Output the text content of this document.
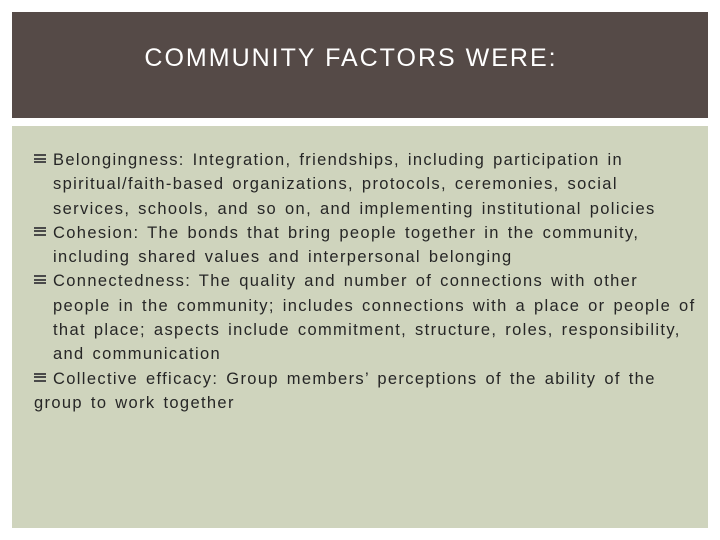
COMMUNITY FACTORS WERE:
Belongingness: Integration, friendships, including participation in spiritual/faith-based organizations, protocols, ceremonies, social services, schools, and so on, and implementing institutional policies
Cohesion: The bonds that bring people together in the community, including shared values and interpersonal belonging
Connectedness: The quality and number of connections with other people in the community; includes connections with a place or people of that place; aspects include commitment, structure, roles, responsibility, and communication
Collective efficacy: Group members’ perceptions of the ability of the group to work together
